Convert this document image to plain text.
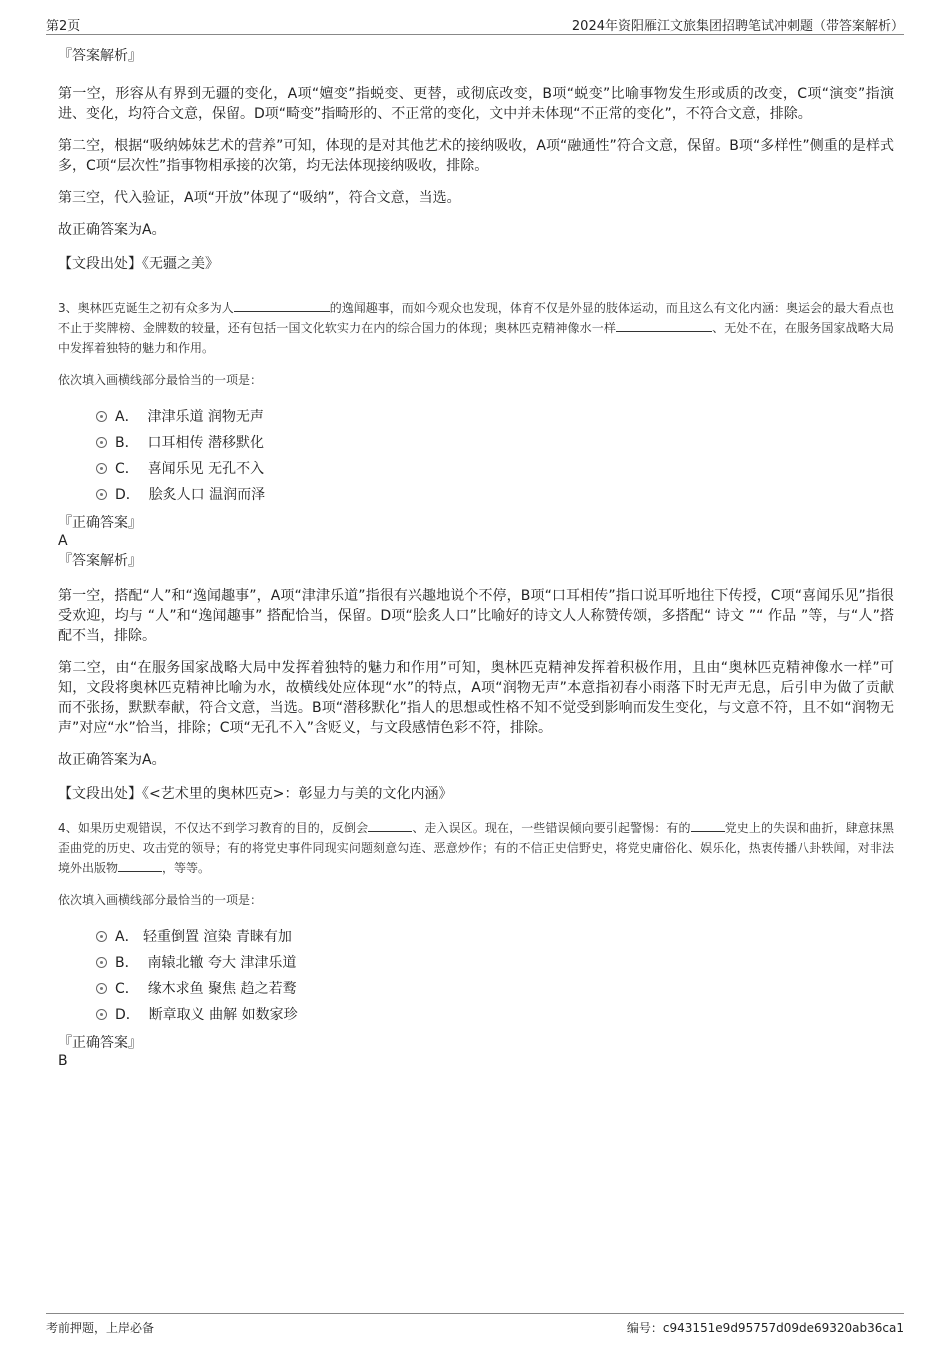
第2页	2024年资阳雁江文旅集团招聘笔试冲刺题（带答案解析）
『答案解析』

第一空，形容从有界到无疆的变化，A项“嬗变”指蜕变、更替，或彻底改变，B项“蜕变”比喻事物发生形或质的改变，C项“演变”指演进、变化，均符合文意，保留。D项“畸变”指畸形的、不正常的变化，文中并未体现“不正常的变化”，不符合文意，排除。

第二空，根据“吸纳姊妹艺术的营养”可知，体现的是对其他艺术的接纳吸收，A项“融通性”符合文意，保留。B项“多样性”侧重的是样式多，C项“层次性”指事物相承接的次第，均无法体现接纳吸收，排除。

第三空，代入验证，A项“开放”体现了“吸纳”，符合文意，当选。

故正确答案为A。

【文段出处】《无疆之美》

3、奥林匹克诞生之初有众多为人	的逸闻趣事，而如今观众也发现，体育不仅是外显的肢体运动，而且这么有文化内涵：奥运会的最大看点也不止于奖牌榜、金牌数的较量，还有包括一国文化软实力在内的综合国力的体现；奥林匹克精神像水一样	、无处不在，在服务国家战略大局中发挥着独特的魅力和作用。

依次填入画横线部分最恰当的一项是：
A． 津津乐道 润物无声
B． 口耳相传 潜移默化
C． 喜闻乐见 无孔不入
D． 脍炙人口 温润而泽
『正确答案』
A
『答案解析』

第一空，搭配“人”和“逸闻趣事”，A项“津津乐道”指很有兴趣地说个不停，B项“口耳相传”指口说耳听地往下传授，C项“喜闻乐见”指很受欢迎，均与 “人”和“逸闻趣事” 搭配恰当，保留。D项“脍炙人口”比喻好的诗文人人称赞传颂，多搭配“ 诗文 ”“ 作品 ”等，与“人”搭配不当，排除。

第二空，由“在服务国家战略大局中发挥着独特的魅力和作用”可知，奥林匹克精神发挥着积极作用，且由“奥林匹克精神像水一样”可知，文段将奥林匹克精神比喻为水，故横线处应体现“水”的特点，A项“润物无声”本意指初春小雨落下时无声无息，后引申为做了贡献而不张扬，默默奉献，符合文意，当选。B项“潜移默化”指人的思想或性格不知不觉受到影响而发生变化，与文意不符，且不如“润物无声”对应“水”恰当，排除；C项“无孔不入”含贬义，与文段感情色彩不符，排除。

故正确答案为A。

【文段出处】《<艺术里的奥林匹克>：彰显力与美的文化内涵》

4、如果历史观错误，不仅达不到学习教育的目的，反倒会	、走入误区。现在，一些错误倾向要引起警惕：有的	党史上的失误和曲折，肆意抹黑歪曲党的历史、攻击党的领导；有的将党史事件同现实问题刻意勾连、恶意炒作；有的不信正史信野史，将党史庸俗化、娱乐化，热衷传播八卦轶闻，对非法境外出版物	，等等。

依次填入画横线部分最恰当的一项是：
A． 轻重倒置 渲染 青睐有加
B． 南辕北辙 夸大 津津乐道
C． 缘木求鱼 聚焦 趋之若鹜
D． 断章取义 曲解 如数家珍
『正确答案』
B
考前押题，上岸必备	编号：c943151e9d95757d09de69320ab36ca1
